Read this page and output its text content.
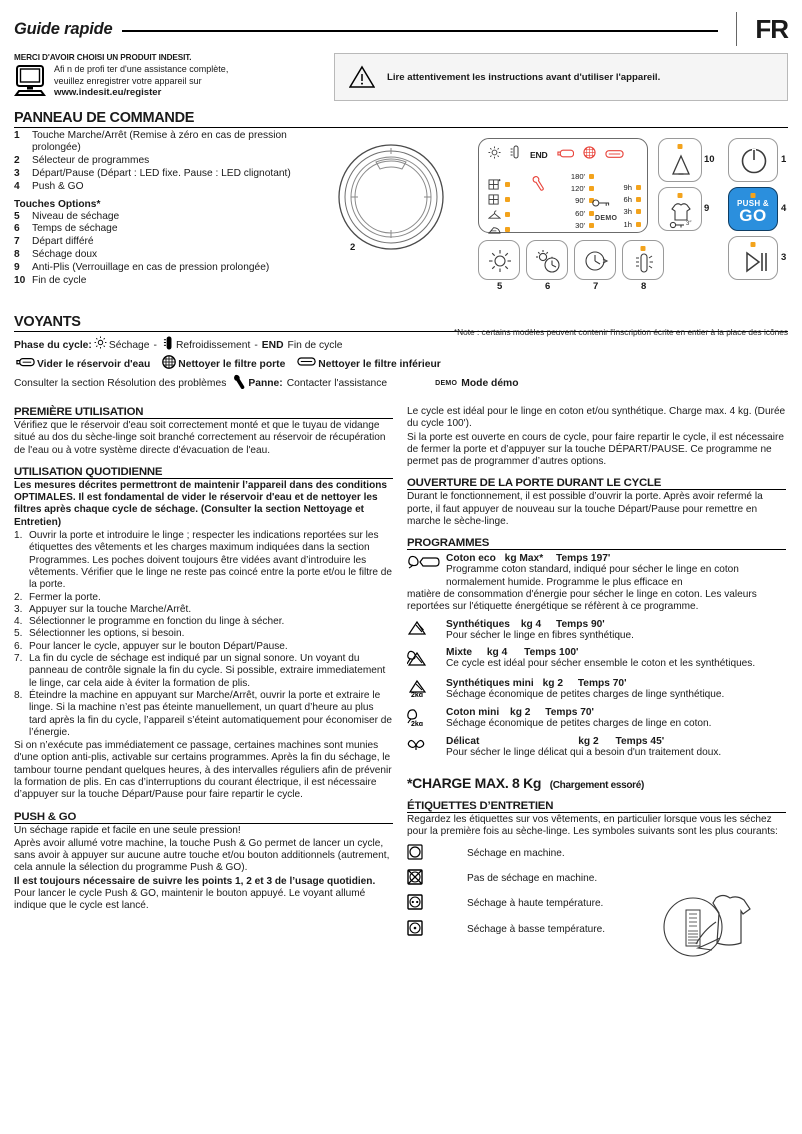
Guide rapide	FR
MERCI D'AVOIR CHOISI UN PRODUIT INDESIT.
Afi n de profi ter d'une assistance complète,
veuillez enregistrer votre appareil sur
www.indesit.eu/register
Lire attentivement les instructions avant d'utiliser l'appareil.
PANNEAU DE COMMANDE
1	Touche Marche/Arrêt (Remise à zéro en cas de pression prolongée)
2	Sélecteur de programmes
3	Départ/Pause (Départ : LED fixe. Pause : LED clignotant)
4	Push & GO
Touches Options*
5	Niveau de séchage
6	Temps de séchage
7	Départ différé
8	Séchage doux
9	Anti-Plis (Verrouillage en cas de pression prolongée)
10 Fin de cycle
2
END
180'
120'
90'
60'
30'
DEMO
9h
6h
3h
1h
10
3″
9
1
PUSH &
GO	4
3
5	6	7	8
*Note : certains modèles peuvent contenir l'inscription écrite en entier à la place des icônes
VOYANTS
Phase du cycle: Séchage - Refroidissement - END Fin de cycle
Vider le réservoir d'eau	Nettoyer le filtre porte	Nettoyer le filtre inférieur
Consulter la section Résolution des problèmes Panne: Contacter l'assistance	DEMO Mode démo
PREMIÈRE UTILISATION

Vérifiez que le réservoir d'eau soit correctement monté et que le tuyau de vidange situé au dos du sèche-linge soit branché correctement au réservoir de récupération de l'eau ou à votre système directe d'évacuation de l'eau.

UTILISATION QUOTIDIENNE

Les mesures décrites permettront de maintenir l’appareil dans des conditions OPTIMALES. Il est fondamental de vider le réservoir d'eau et de nettoyer les filtres après chaque cycle de séchage. (Consulter la section Nettoyage et Entretien)

1. Ouvrir la porte et introduire le linge ; respecter les indications reportées sur les étiquettes des vêtements et les charges maximum indiquées dans la section Programmes. Les poches doivent toujours être vidées avant d’introduire les vêtements. Vérifier que le linge ne reste pas coincé entre la porte et/ou le filtre de la porte.
2. Fermer la porte.
3. Appuyer sur la touche Marche/Arrêt.
4. Sélectionner le programme en fonction du linge à sécher.
5. Sélectionner les options, si besoin.
6. Pour lancer le cycle, appuyer sur le bouton Départ/Pause.
7. La fin du cycle de séchage est indiqué par un signal sonore. Un voyant du panneau de contrôle signale la fin du cycle. Si possible, extraire immediatement le linge, car cela aide à éviter la formation de plis.
8. Éteindre la machine en appuyant sur Marche/Arrêt, ouvrir la porte et extraire le linge. Si la machine n’est pas éteinte manuellement, un quart d’heure au plus tard après la fin du cycle, l’appareil s’éteint automatiquement pour économiser de l’énergie.

Si on n’exécute pas immédiatement ce passage, certaines machines sont munies d'une option anti-plis, activable sur certains programmes. Après la fin du séchage, le tambour tourne pendant quelques heures, à des intervalles réguliers afin de prévenir la formation de plis. En cas d’interruptions du courant électrique, il est nécessaire d’appuyer sur la touche Départ/Pause pour faire repartir le cycle.

PUSH & GO

Un séchage rapide et facile en une seule pression!

Après avoir allumé votre machine, la touche Push & Go permet de lancer un cycle, sans avoir à appuyer sur aucune autre touche et/ou bouton additionnels (autrement, cela annule la sélection du programme Push & GO).

Il est toujours nécessaire de suivre les points 1, 2 et 3 de l’usage quotidien. Pour lancer le cycle Push & GO, maintenir le bouton appuyé. Le voyant allumé indique que le cycle est lancé.

Le cycle est idéal pour le linge en coton et/ou synthétique. Charge max. 4 kg. (Durée du cycle 100').

Si la porte est ouverte en cours de cycle, pour faire repartir le cycle, il est nécessaire de fermer la porte et d’appuyer sur la touche DÉPART/PAUSE. Ce programme ne permet pas de programmer d’autres options.

OUVERTURE DE LA PORTE DURANT LE CYCLE

Durant le fonctionnement, il est possible d’ouvrir la porte. Après avoir refermé la porte, il faut appuyer de nouveau sur la touche Départ/Pause pour remettre en marche le sèche-linge.

PROGRAMMES
Coton eco kg Max* Temps 197'
Programme coton standard, indiqué pour sécher le linge en coton normalement humide. Programme le plus efficace en
matière de consommation d'énergie pour sécher le linge en coton. Les valeurs reportées sur l'étiquette énergétique se réfèrent à ce programme.
Synthétiques kg 4 Temps 90'
Pour sécher le linge en fibres synthétique.
Mixte kg 4 Temps 100'
Ce cycle est idéal pour sécher ensemble le coton et les synthétiques.
2kg
Synthétiques mini kg 2 Temps 70'
Séchage économique de petites charges de linge synthétique.
2kg
Coton mini kg 2 Temps 70'
Séchage économique de petites charges de linge en coton.
Délicat	kg 2 Temps 45'
Pour sécher le linge délicat qui a besoin d'un traitement doux.
*CHARGE MAX. 8 Kg (Chargement essoré)
ÉTIQUETTES D’ENTRETIEN

Regardez les étiquettes sur vos vêtements, en particulier lorsque vous les séchez pour la première fois au sèche-linge. Les symboles suivants sont les plus courants:

Séchage en machine.
Pas de séchage en machine.
Séchage à haute température.
Séchage à basse température.
